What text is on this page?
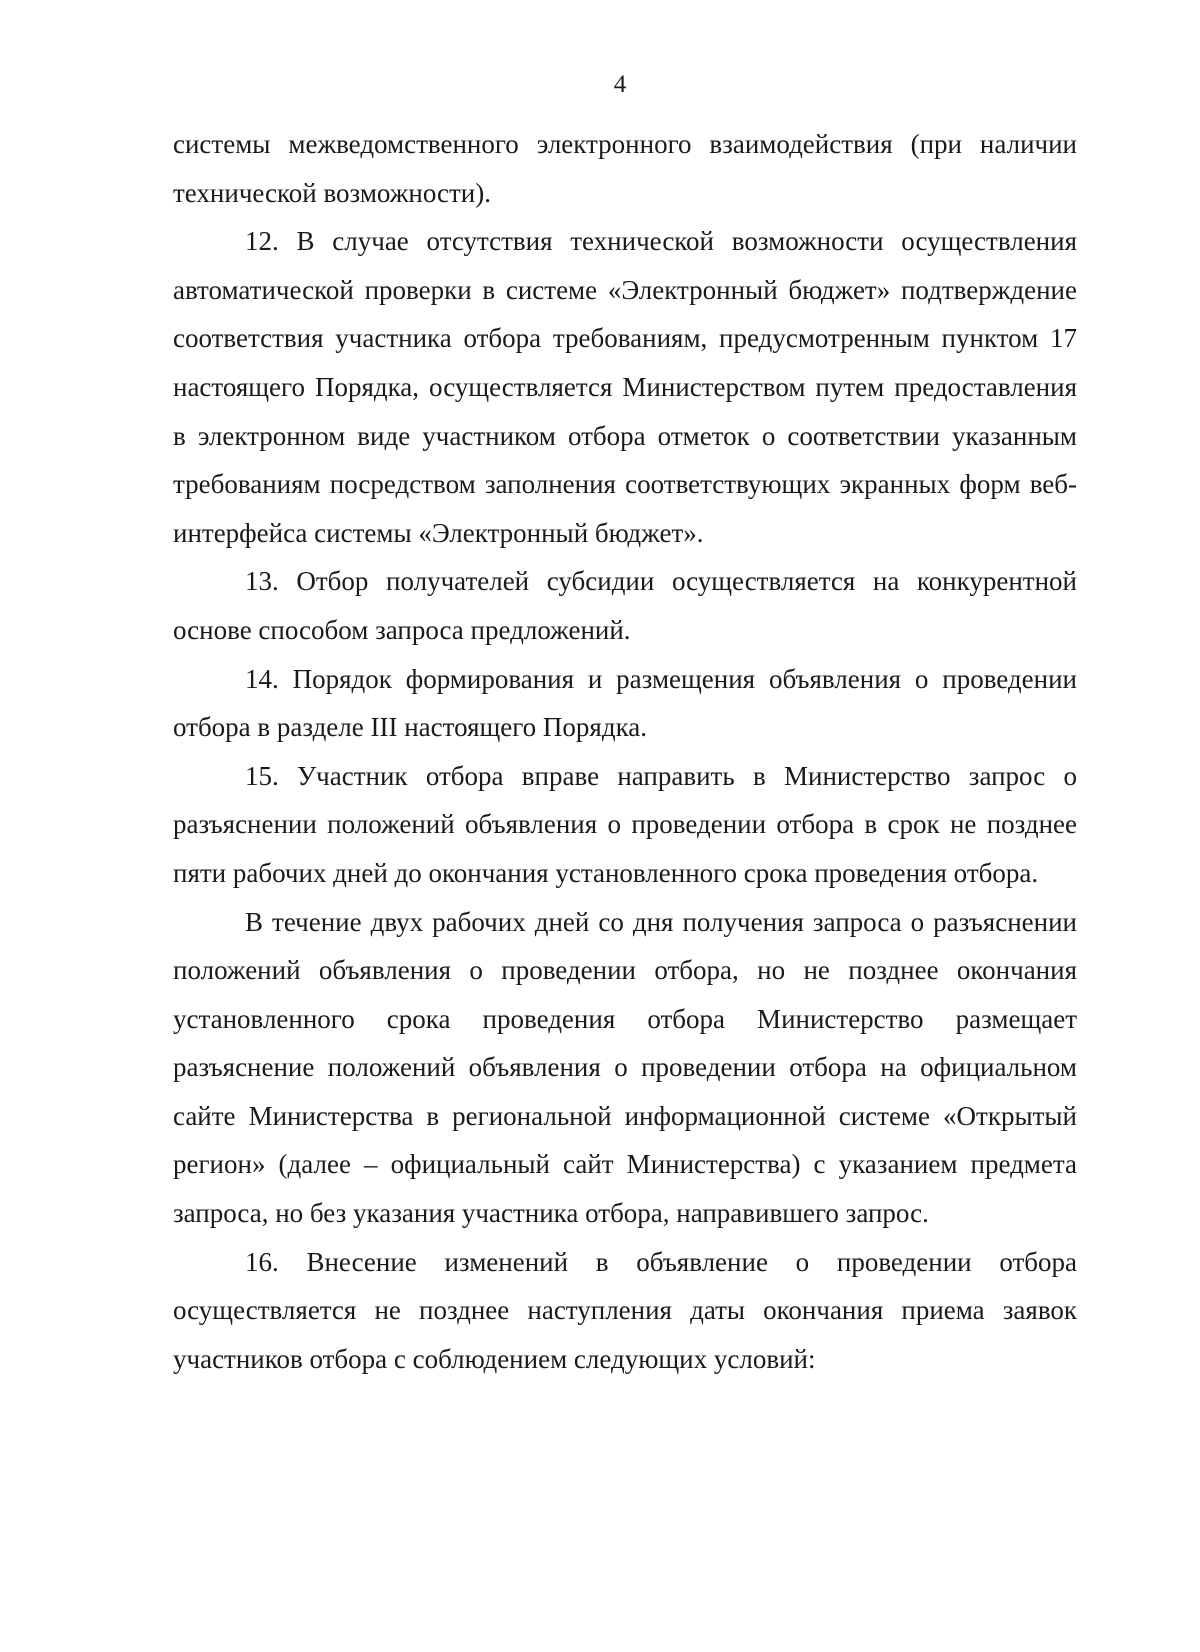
4

системы межведомственного электронного взаимодействия (при наличии технической возможности).

12. В случае отсутствия технической возможности осуществления автоматической проверки в системе «Электронный бюджет» подтверждение соответствия участника отбора требованиям, предусмотренным пунктом 17 настоящего Порядка, осуществляется Министерством путем предоставления в электронном виде участником отбора отметок о соответствии указанным требованиям посредством заполнения соответствующих экранных форм веб-интерфейса системы «Электронный бюджет».

13. Отбор получателей субсидии осуществляется на конкурентной основе способом запроса предложений.

14. Порядок формирования и размещения объявления о проведении отбора в разделе III настоящего Порядка.

15. Участник отбора вправе направить в Министерство запрос о разъяснении положений объявления о проведении отбора в срок не позднее пяти рабочих дней до окончания установленного срока проведения отбора.

В течение двух рабочих дней со дня получения запроса о разъяснении положений объявления о проведении отбора, но не позднее окончания установленного срока проведения отбора Министерство размещает разъяснение положений объявления о проведении отбора на официальном сайте Министерства в региональной информационной системе «Открытый регион» (далее – официальный сайт Министерства) с указанием предмета запроса, но без указания участника отбора, направившего запрос.

16. Внесение изменений в объявление о проведении отбора осуществляется не позднее наступления даты окончания приема заявок участников отбора с соблюдением следующих условий:
